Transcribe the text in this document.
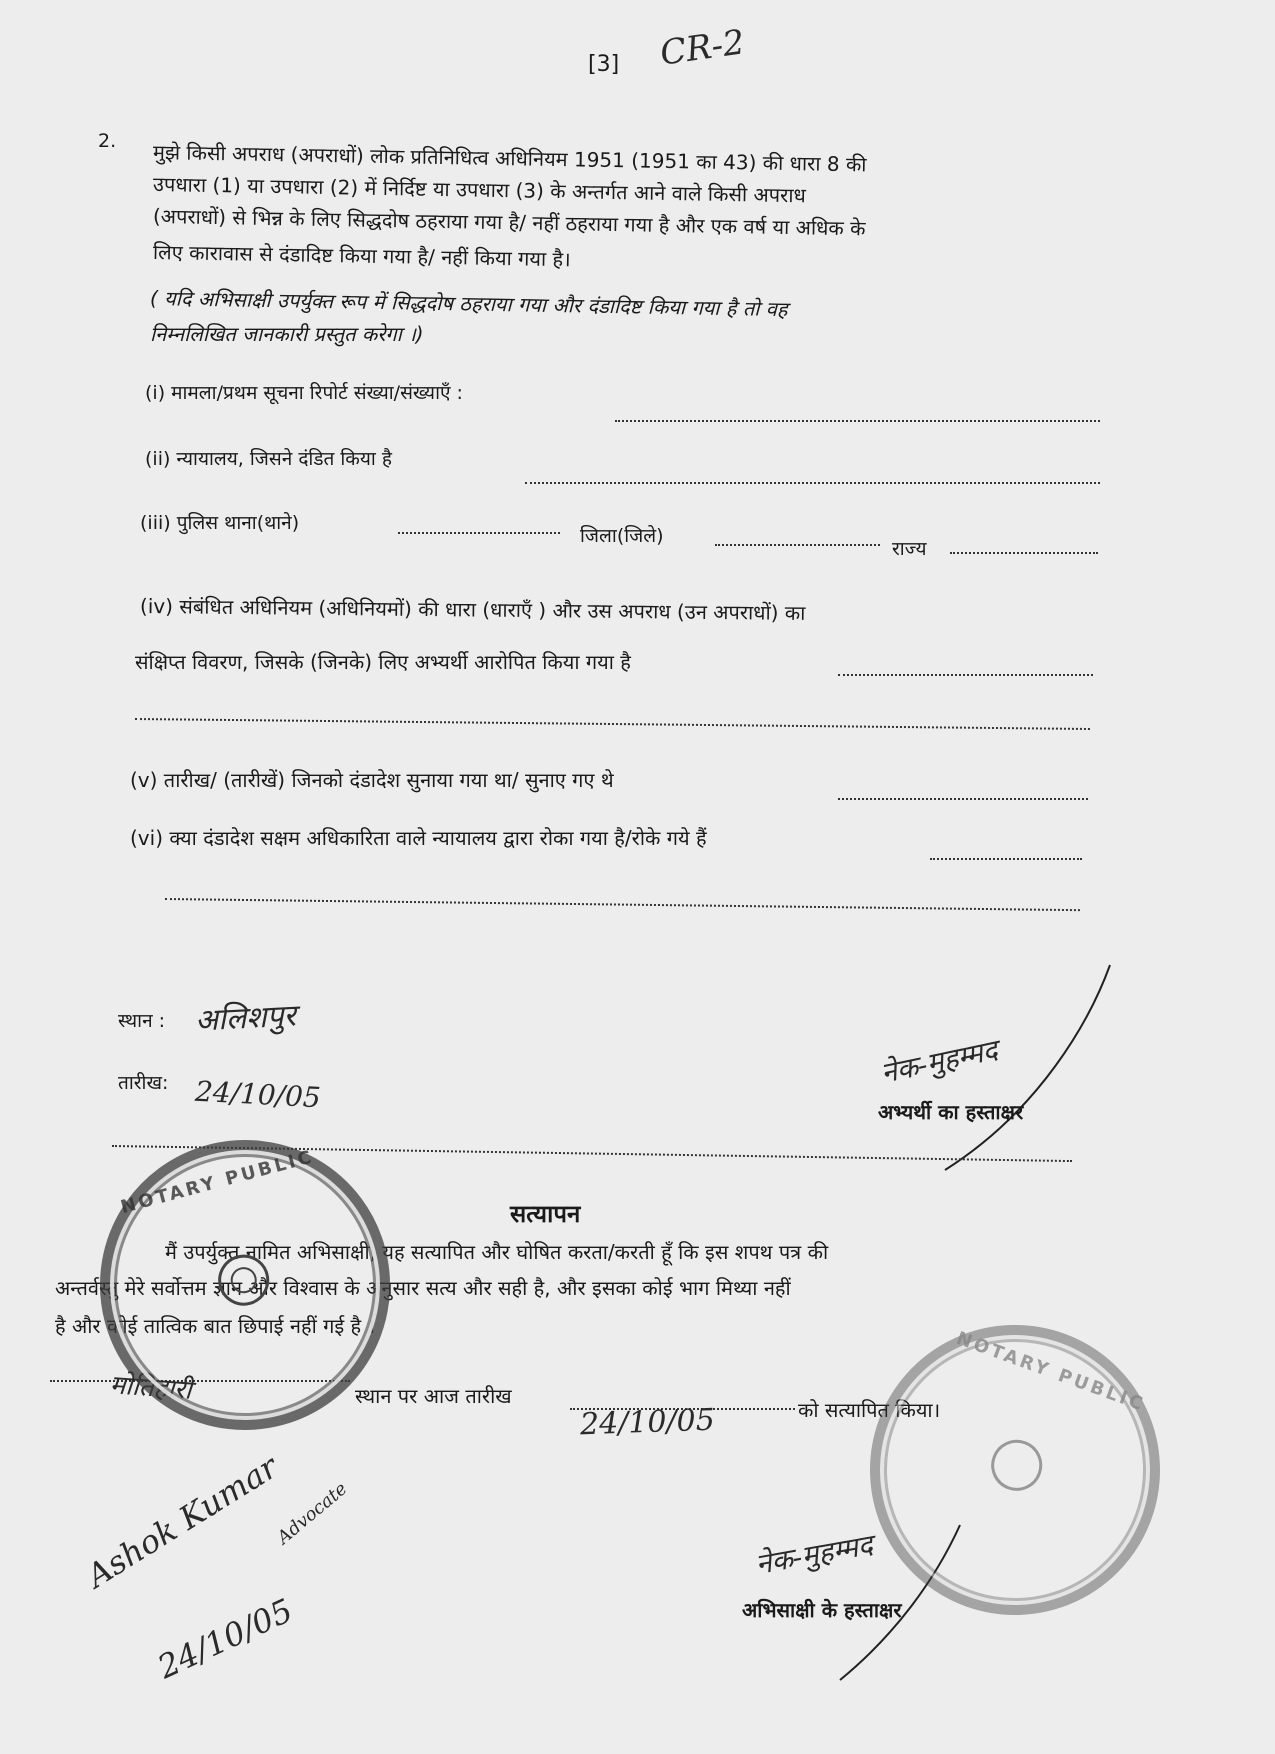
[3] CR-2
2. मुझे किसी अपराध (अपराधों) लोक प्रतिनिधित्व अधिनियम 1951 (1951 का 43) की धारा 8 की
उपधारा (1) या उपधारा (2) में निर्दिष्ट या उपधारा (3) के अन्तर्गत आने वाले किसी अपराध
(अपराधों) से भिन्न के लिए सिद्धदोष ठहराया गया है/ नहीं ठहराया गया है और एक वर्ष या अधिक के
लिए कारावास से दंडादिष्ट किया गया है/ नहीं किया गया है।
( यदि अभिसाक्षी उपर्युक्त रूप में सिद्धदोष ठहराया गया और दंडादिष्ट किया गया है तो वह
निम्नलिखित जानकारी प्रस्तुत करेगा ।)
(i) मामला/प्रथम सूचना रिपोर्ट संख्या/संख्याएँ :
(ii) न्यायालय, जिसने दंडित किया है
(iii) पुलिस थाना(थाने)
जिला(जिले)
राज्य
(iv) संबंधित अधिनियम (अधिनियमों) की धारा (धाराएँ ) और उस अपराध (उन अपराधों) का
संक्षिप्त विवरण, जिसके (जिनके) लिए अभ्यर्थी आरोपित किया गया है
(v) तारीख/ (तारीखें) जिनको दंडादेश सुनाया गया था/ सुनाए गए थे
(vi) क्या दंडादेश सक्षम अधिकारिता वाले न्यायालय द्वारा रोका गया है/रोके गये हैं
स्थान : अलिशपुर
तारीख: 24/10/05
नेक-मुहम्मद
अभ्यर्थी का हस्ताक्षर
सत्यापन
मैं उपर्युक्त नामित अभिसाक्षी, यह सत्यापित और घोषित करता/करती हूँ कि इस शपथ पत्र की
अन्तर्वस्तु मेरे सर्वोत्तम ज्ञान और विश्वास के अनुसार सत्य और सही है, और इसका कोई भाग मिथ्या नहीं
है और कोई तात्विक बात छिपाई नहीं गई है ।
मोतिहारी	स्थान पर आज तारीख
24/10/05	को सत्यापित किया।
नेक-मुहम्मद
अभिसाक्षी के हस्ताक्षर
Ashok Kumar
Advocate
24/10/05
NOTARY PUBLIC
NOTARY PUBLIC
